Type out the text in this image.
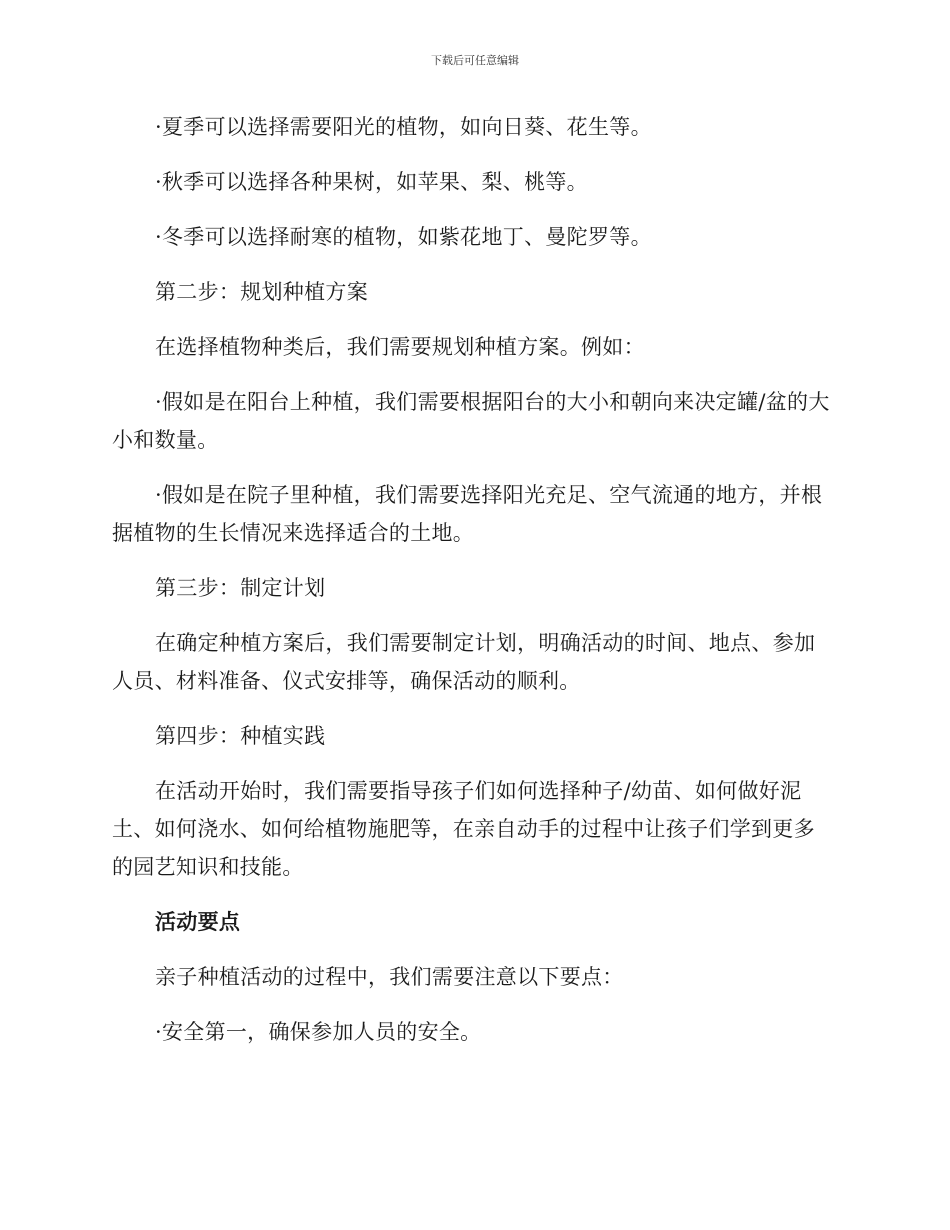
下载后可任意编辑

·夏季可以选择需要阳光的植物，如向日葵、花生等。

·秋季可以选择各种果树，如苹果、梨、桃等。

·冬季可以选择耐寒的植物，如紫花地丁、曼陀罗等。

第二步：规划种植方案

在选择植物种类后，我们需要规划种植方案。例如：

·假如是在阳台上种植，我们需要根据阳台的大小和朝向来决定罐/盆的大小和数量。

·假如是在院子里种植，我们需要选择阳光充足、空气流通的地方，并根据植物的生长情况来选择适合的土地。

第三步：制定计划

在确定种植方案后，我们需要制定计划，明确活动的时间、地点、参加人员、材料准备、仪式安排等，确保活动的顺利。

第四步：种植实践

在活动开始时，我们需要指导孩子们如何选择种子/幼苗、如何做好泥土、如何浇水、如何给植物施肥等，在亲自动手的过程中让孩子们学到更多的园艺知识和技能。

活动要点

亲子种植活动的过程中，我们需要注意以下要点：

·安全第一，确保参加人员的安全。
